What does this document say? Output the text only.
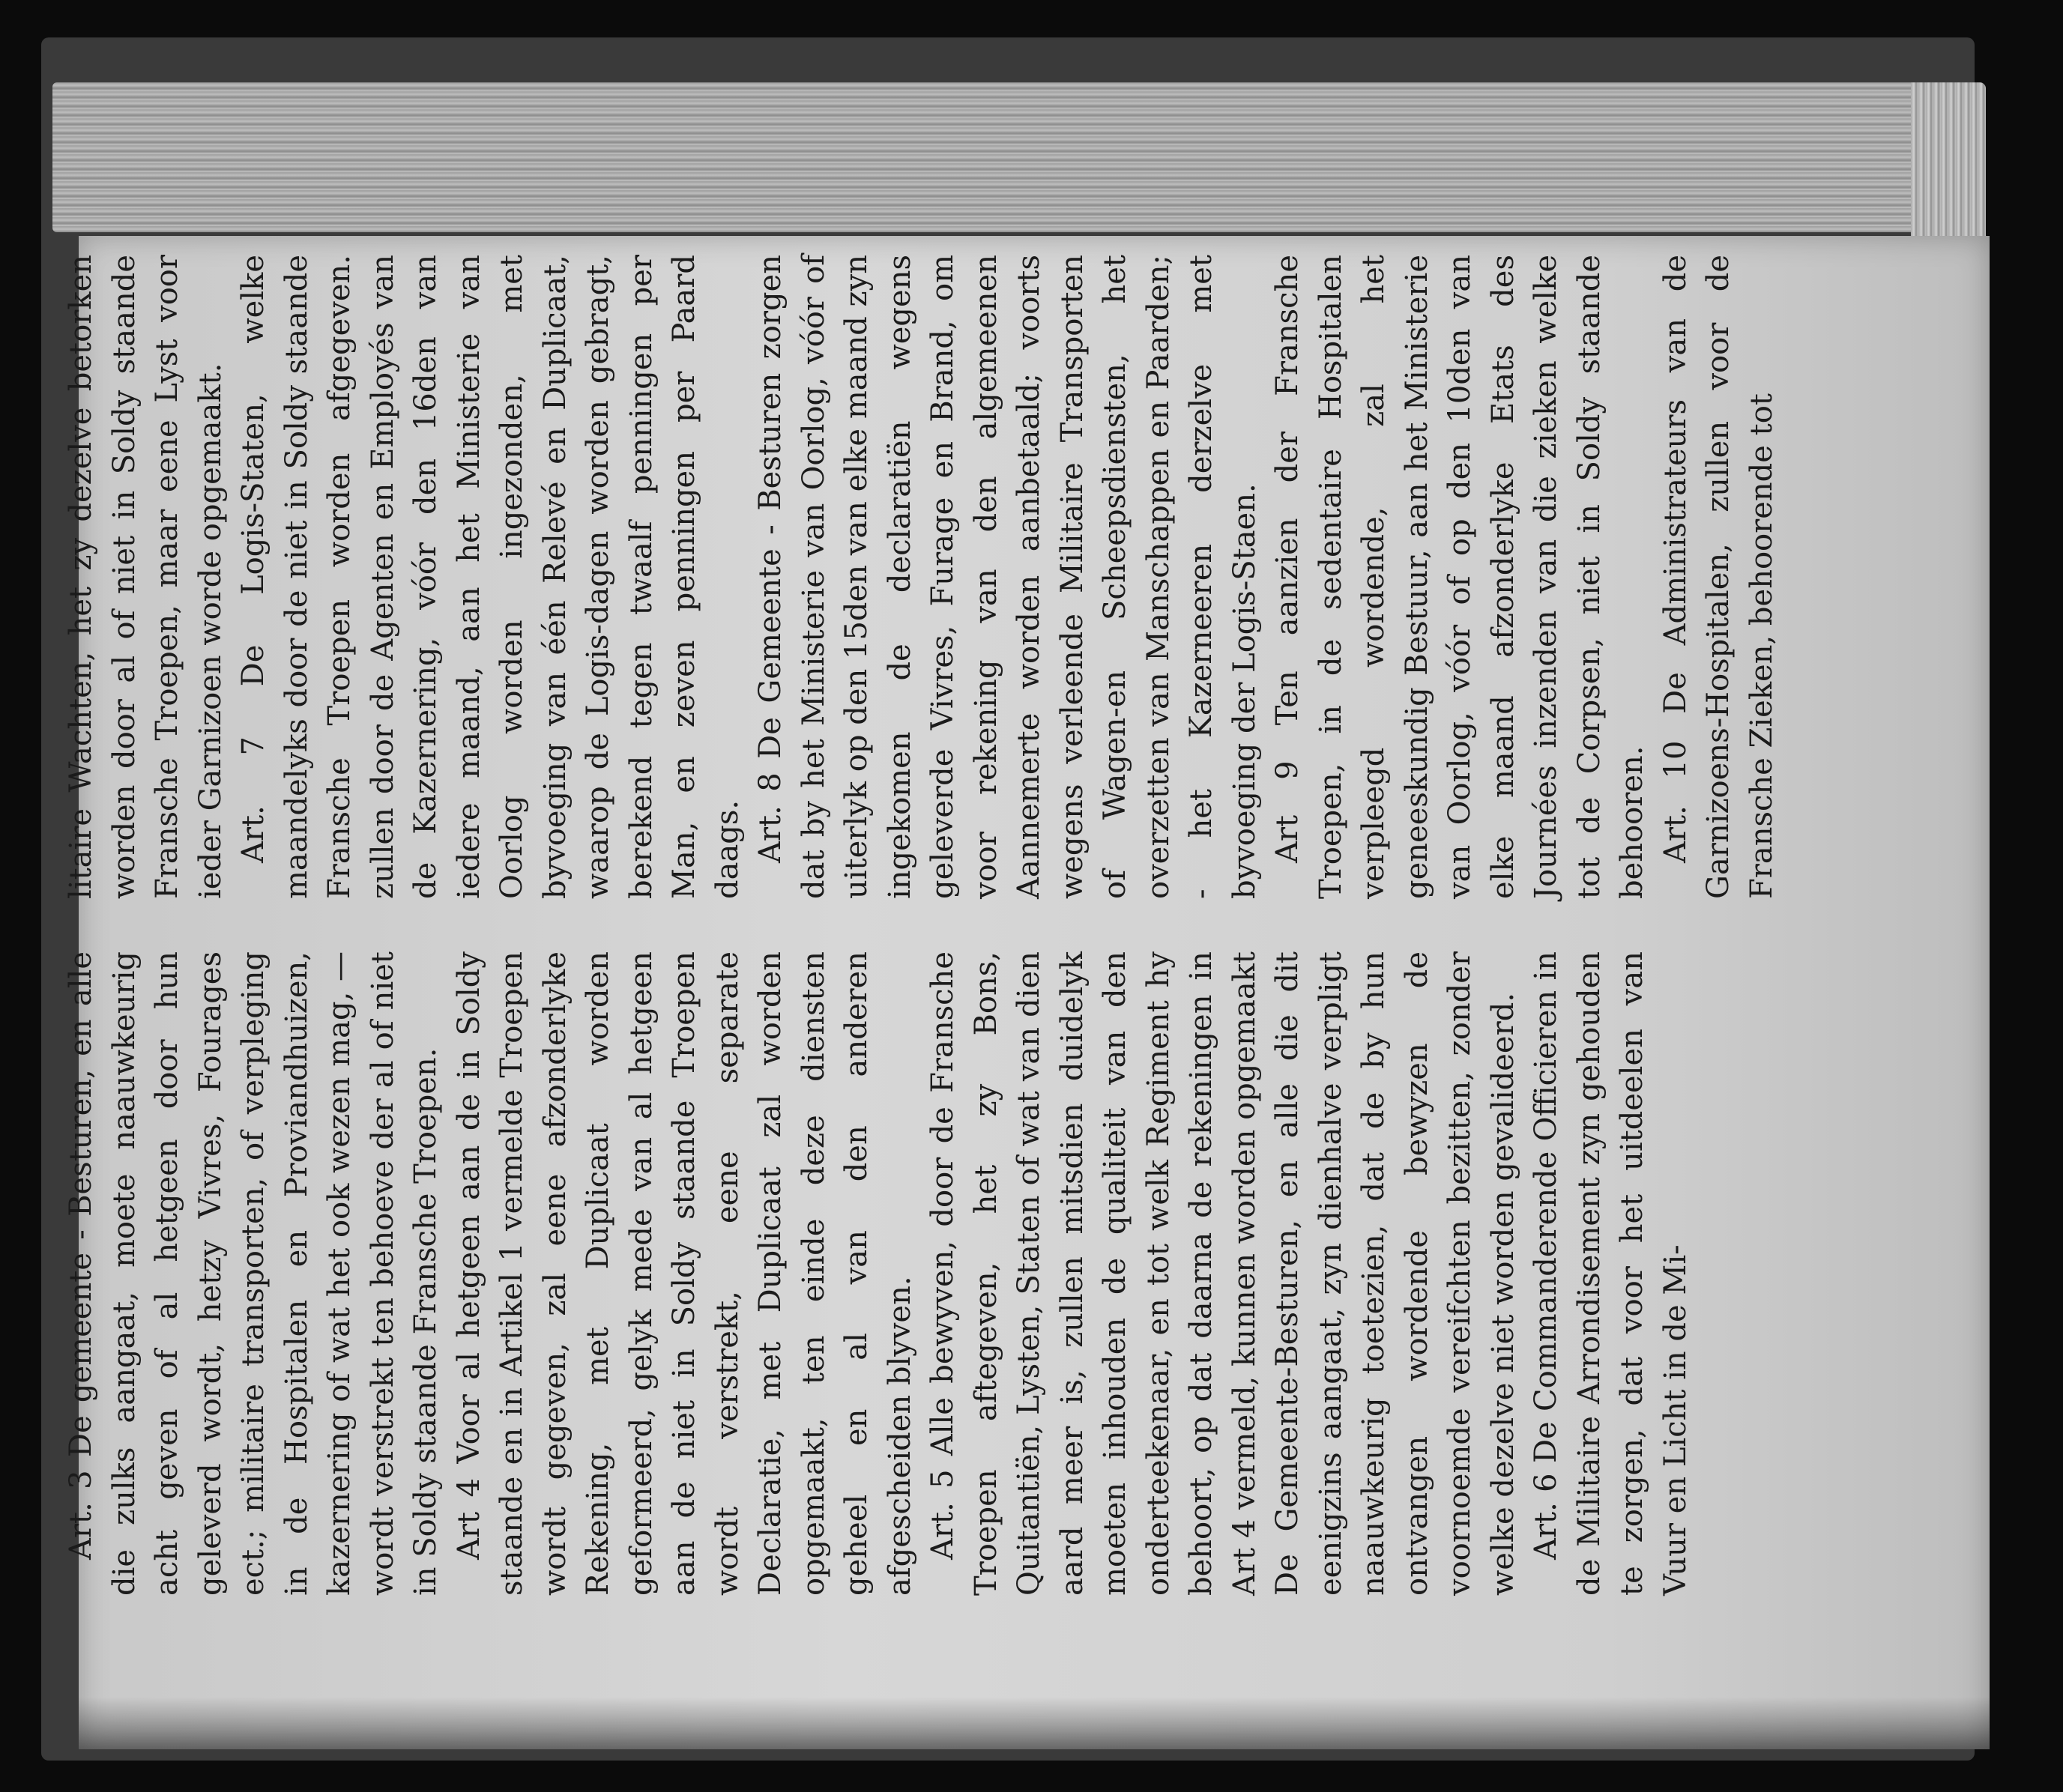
Art. 3 De gemeente - Besturen, en alle die zulks aangaat, moete naauwkeurig acht geven of al hetgeen door hun geleverd wordt, hetzy Vivres, Fourages ect.; militaire transporten, of verpleging in de Hospitalen en Proviandhuizen, kazernering of wat het ook wezen mag, — wordt verstrekt ten behoeve der al of niet in Soldy staande Fransche Troepen. Art 4 Voor al hetgeen aan de in Soldy staande en in Artikel 1 vermelde Troepen wordt gegeven, zal eene afzonderlyke Rekening, met Duplicaat worden geformeerd, gelyk mede van al hetgeen aan de niet in Soldy staande Troepen wordt verstrekt, eene separate Declaratie, met Duplicaat zal worden opgemaakt, ten einde deze diensten geheel en al van den anderen afgescheiden blyven. Art. 5 Alle bewyven, door de Fransche Troepen aftegeven, het zy Bons, Quitantiën, Lysten, Staten of wat van dien aard meer is, zullen mitsdien duidelyk moeten inhouden de qualiteit van den onderteekenaar, en tot welk Regiment hy behoort, op dat daarna de rekeningen in Art 4 vermeld, kunnen worden opgemaakt De Gemeente-Besturen, en alle die dit eenigzins aangaat, zyn dienhalve verpligt naauwkeurig toetezien, dat de by hun ontvangen wordende bewyzen de voornoemde vereifchten bezitten, zonder welke dezelve niet worden gevalideerd. Art. 6 De Commanderende Officieren in de Militaire Arrondisement zyn gehouden te zorgen, dat voor het uitdeelen van Vuur en Licht in de Mi-

litaire Wachten, het zy dezelve betorken worden door al of niet in Soldy staande Fransche Troepen, maar eene Lyst voor ieder Garnizoen worde opgemaakt. Art. 7 De Logis-Staten, welke maandelyks door de niet in Soldy staande Fransche Troepen worden afgegeven. zullen door de Agenten en Employés van de Kazernering, vóór den 16den van iedere maand, aan het Ministerie van Oorlog worden ingezonden, met byvoeging van één Relevé en Duplicaat, waarop de Logis-dagen worden gebragt, berekend tegen twaalf penningen per Man, en zeven penningen per Paard daags. Art. 8 De Gemeente - Besturen zorgen dat by het Ministerie van Oorlog, vóór of uiterlyk op den 15den van elke maand zyn ingekomen de declaratiën wegens geleverde Vivres, Furage en Brand, om voor rekening van den algemeenen Aannemerte worden aanbetaald; voorts wegens verleende Militaire Transporten of Wagen-en Scheepsdiensten, het overzetten van Manschappen en Paarden; - het Kazerneeren derzelve met byvoeging der Logis-Staen. Art 9 Ten aanzien der Fransche Troepen, in de sedentaire Hospitalen verpleegd wordende, zal het geneeskundig Bestuur, aan het Ministerie van Oorlog, vóór of op den 10den van elke maand afzonderlyke Etats des Journées inzenden van die zieken welke tot de Corpsen, niet in Soldy staande behooren. Art. 10 De Administrateurs van de Garnizoens-Hospitalen, zullen voor de Fransche Zieken, behoorende tot
